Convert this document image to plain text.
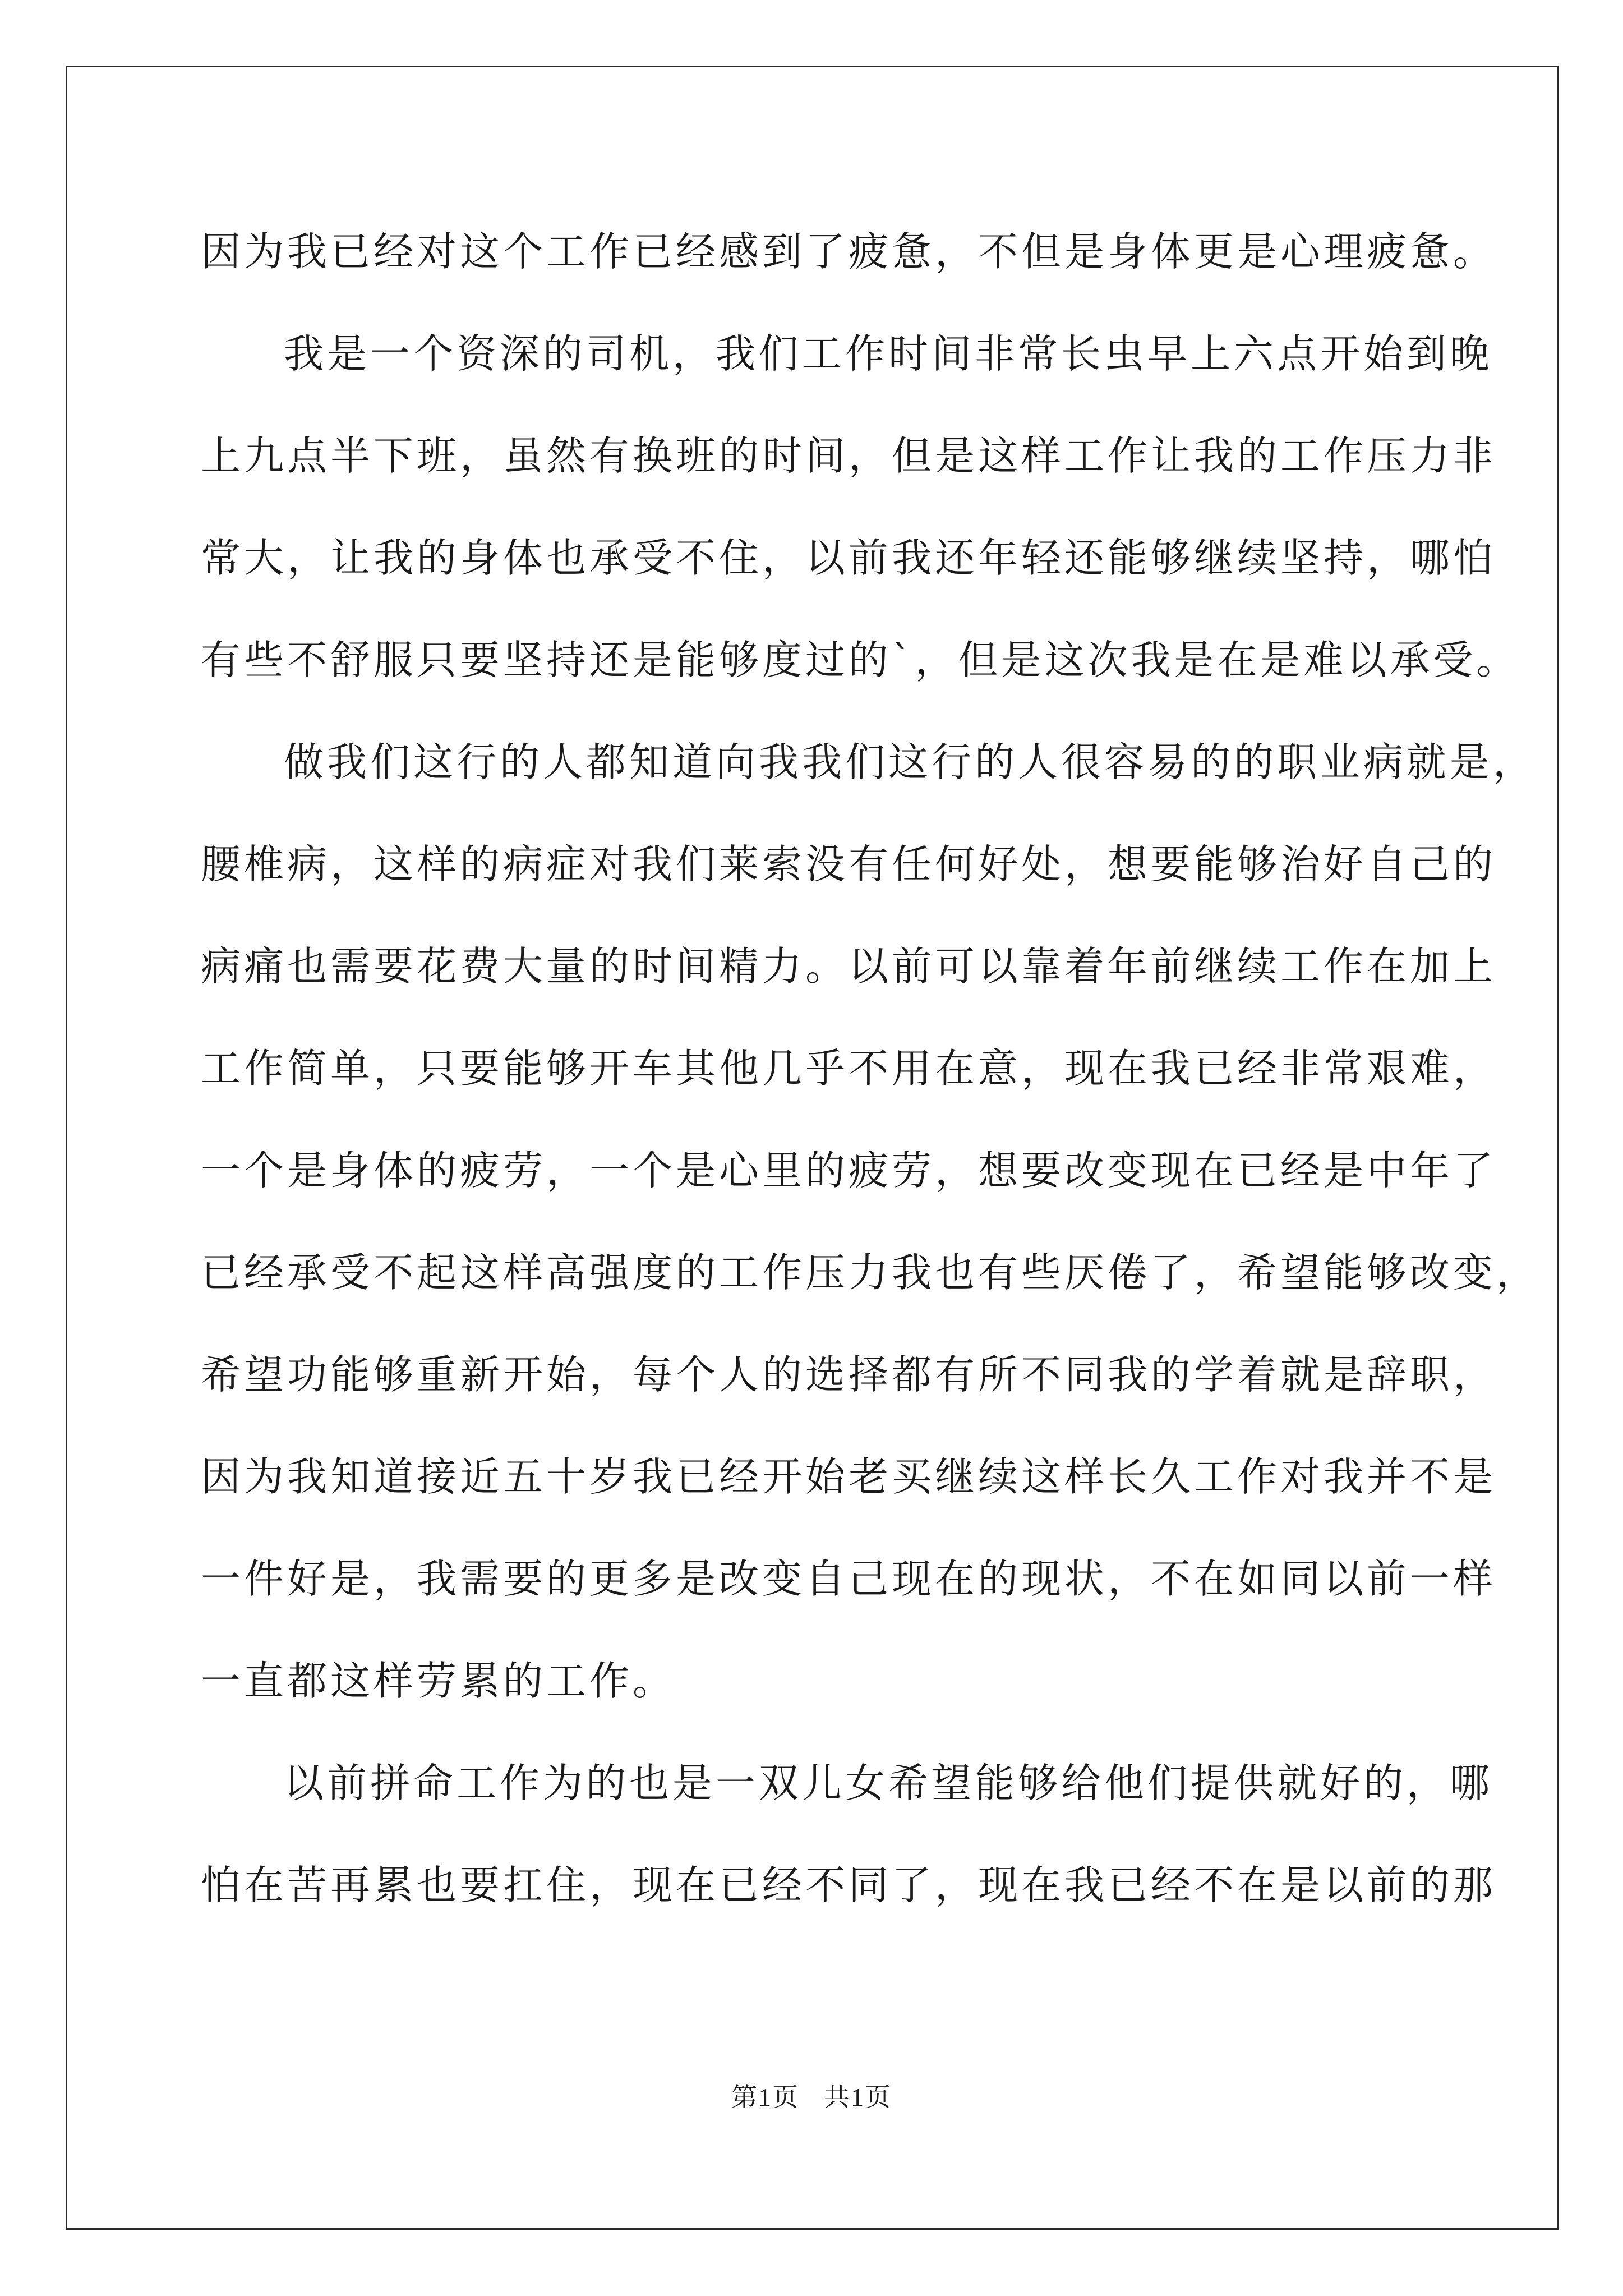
因为我已经对这个工作已经感到了疲惫，不但是身体更是心理疲惫。
我是一个资深的司机，我们工作时间非常长虫早上六点开始到晚
上九点半下班，虽然有换班的时间，但是这样工作让我的工作压力非
常大，让我的身体也承受不住，以前我还年轻还能够继续坚持，哪怕
有些不舒服只要坚持还是能够度过的`，但是这次我是在是难以承受。
做我们这行的人都知道向我我们这行的人很容易的的职业病就是，
腰椎病，这样的病症对我们莱索没有任何好处，想要能够治好自己的
病痛也需要花费大量的时间精力。以前可以靠着年前继续工作在加上
工作简单，只要能够开车其他几乎不用在意，现在我已经非常艰难，
一个是身体的疲劳，一个是心里的疲劳，想要改变现在已经是中年了
已经承受不起这样高强度的工作压力我也有些厌倦了，希望能够改变，
希望功能够重新开始，每个人的选择都有所不同我的学着就是辞职，
因为我知道接近五十岁我已经开始老买继续这样长久工作对我并不是
一件好是，我需要的更多是改变自己现在的现状，不在如同以前一样
一直都这样劳累的工作。
以前拼命工作为的也是一双儿女希望能够给他们提供就好的，哪
怕在苦再累也要扛住，现在已经不同了，现在我已经不在是以前的那
第1页 共1页
